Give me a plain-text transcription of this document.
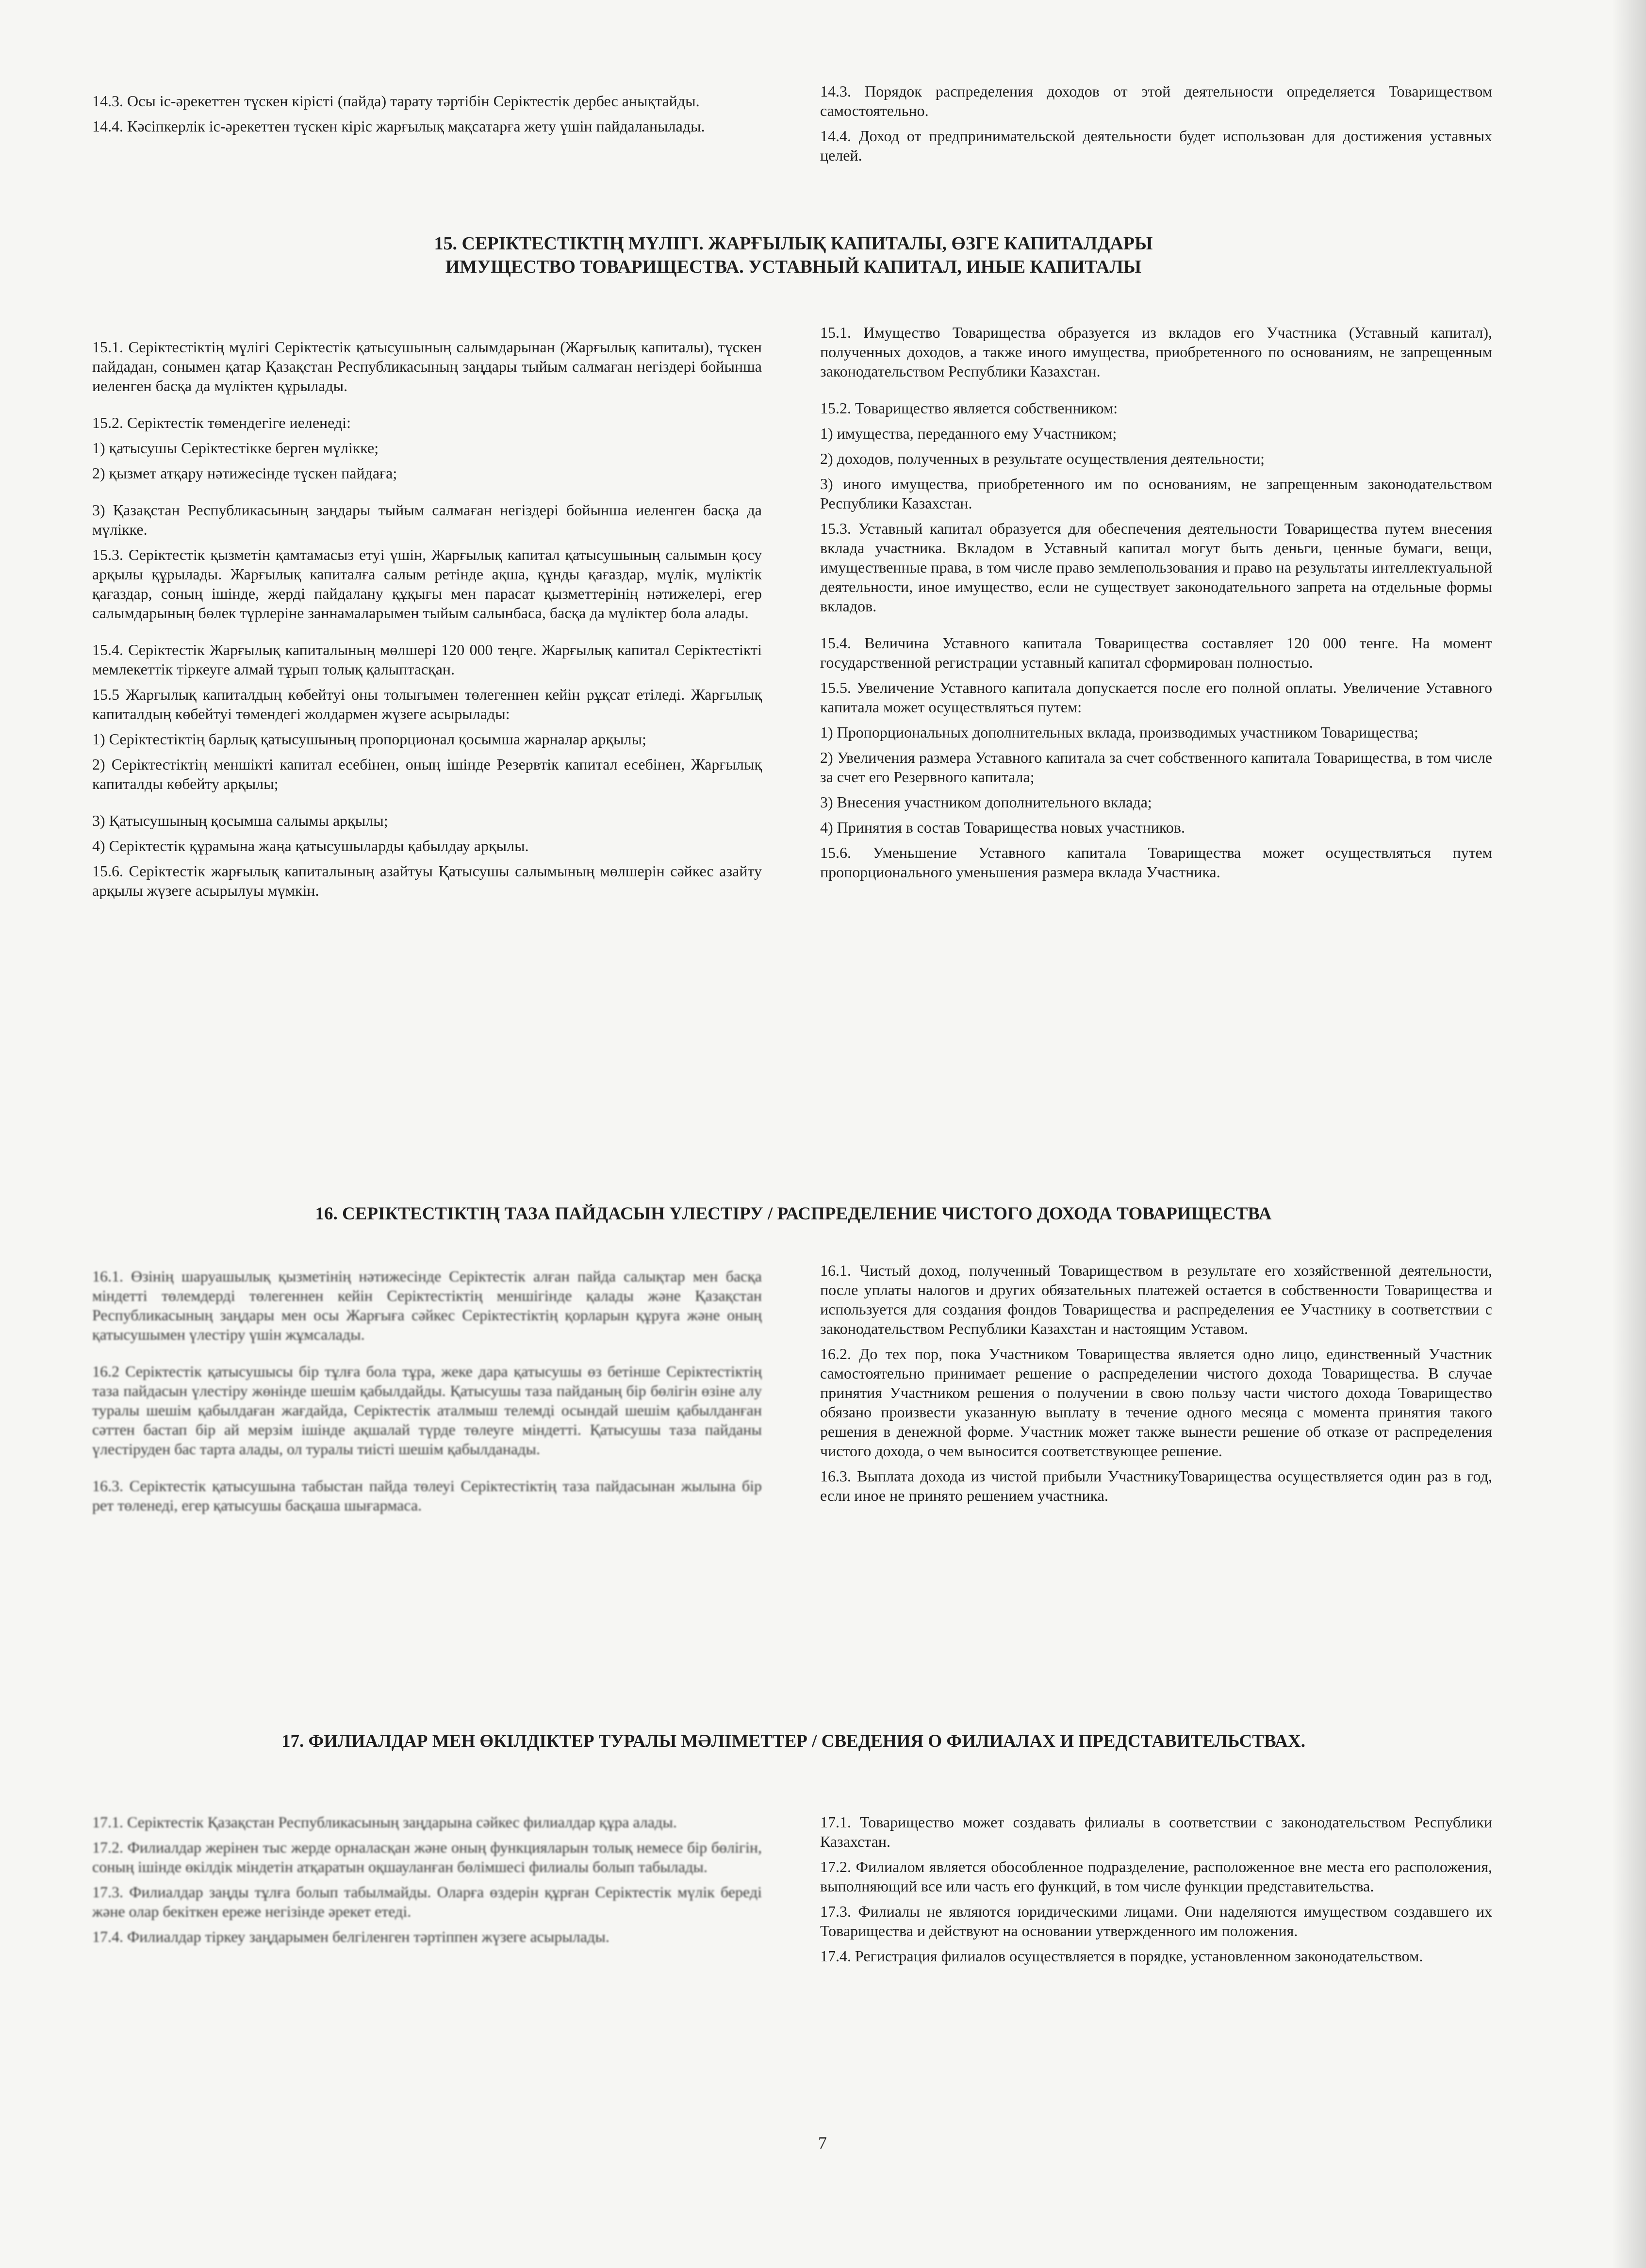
14.3. Осы іс-әрекеттен түскен кірісті (пайда) тарату тәртібін Серіктестік дербес анықтайды.

14.4. Кәсіпкерлік іс-әрекеттен түскен кіріс жарғылық мақсатарға жету үшін пайдаланылады.

14.3. Порядок распределения доходов от этой деятельности определяется Товариществом самостоятельно.

14.4. Доход от предпринимательской деятельности будет использован для достижения уставных целей.

15. СЕРІКТЕСТІКТІҢ МҮЛІГІ. ЖАРҒЫЛЫҚ КАПИТАЛЫ, ӨЗГЕ КАПИТАЛДАРЫ
ИМУЩЕСТВО ТОВАРИЩЕСТВА. УСТАВНЫЙ КАПИТАЛ, ИНЫЕ КАПИТАЛЫ

15.1. Серіктестіктің мүлігі Серіктестік қатысушының салымдарынан (Жарғылық капиталы), түскен пайдадан, сонымен қатар Қазақстан Республикасының заңдары тыйым салмаған негіздері бойынша иеленген басқа да мүліктен құрылады.

15.2. Серіктестік төмендегіге иеленеді:

1) қатысушы Серіктестікке берген мүлікке;

2) қызмет атқару нәтижесінде түскен пайдаға;

3) Қазақстан Республикасының заңдары тыйым салмаған негіздері бойынша иеленген басқа да мүлікке.

15.3. Серіктестік қызметін қамтамасыз етуі үшін, Жарғылық капитал қатысушының салымын қосу арқылы құрылады. Жарғылық капиталға салым ретінде ақша, құнды қағаздар, мүлік, мүліктік қағаздар, соның ішінде, жерді пайдалану құқығы мен парасат қызметтерінің нәтижелері, егер салымдарының бөлек түрлеріне заннамаларымен тыйым салынбаса, басқа да мүліктер бола алады.

15.4. Серіктестік Жарғылық капиталының мөлшері 120 000 теңге. Жарғылық капитал Серіктестікті мемлекеттік тіркеуге алмай тұрып толық қалыптасқан.

15.5 Жарғылық капиталдың көбейтуі оны толығымен төлегеннен кейін рұқсат етіледі. Жарғылық капиталдың көбейтуі төмендегі жолдармен жүзеге асырылады:

1) Серіктестіктің барлық қатысушының пропорционал қосымша жарналар арқылы;

2) Серіктестіктің меншікті капитал есебінен, оның ішінде Резервтік капитал есебінен, Жарғылық капиталды көбейту арқылы;

3) Қатысушының қосымша салымы арқылы;

4) Серіктестік құрамына жаңа қатысушыларды қабылдау арқылы.

15.6. Серіктестік жарғылық капиталының азайтуы Қатысушы салымының мөлшерін сәйкес азайту арқылы жүзеге асырылуы мүмкін.

15.1. Имущество Товарищества образуется из вкладов его Участника (Уставный капитал), полученных доходов, а также иного имущества, приобретенного по основаниям, не запрещенным законодательством Республики Казахстан.

15.2. Товарищество является собственником:

1) имущества, переданного ему Участником;

2) доходов, полученных в результате осуществления деятельности;

3) иного имущества, приобретенного им по основаниям, не запрещенным законодательством Республики Казахстан.

15.3. Уставный капитал образуется для обеспечения деятельности Товарищества путем внесения вклада участника. Вкладом в Уставный капитал могут быть деньги, ценные бумаги, вещи, имущественные права, в том числе право землепользования и право на результаты интеллектуальной деятельности, иное имущество, если не существует законодательного запрета на отдельные формы вкладов.

15.4. Величина Уставного капитала Товарищества составляет 120 000 тенге. На момент государственной регистрации уставный капитал сформирован полностью.

15.5. Увеличение Уставного капитала допускается после его полной оплаты. Увеличение Уставного капитала может осуществляться путем:

1) Пропорциональных дополнительных вклада, производимых участником Товарищества;

2) Увеличения размера Уставного капитала за счет собственного капитала Товарищества, в том числе за счет его Резервного капитала;

3) Внесения участником дополнительного вклада;

4) Принятия в состав Товарищества новых участников.

15.6. Уменьшение Уставного капитала Товарищества может осуществляться путем пропорционального уменьшения размера вклада Участника.

16. СЕРІКТЕСТІКТІҢ ТАЗА ПАЙДАСЫН ҮЛЕСТІРУ / РАСПРЕДЕЛЕНИЕ ЧИСТОГО ДОХОДА ТОВАРИЩЕСТВА

16.1. Өзінің шаруашылық қызметінің нәтижесінде Серіктестік алған пайда салықтар мен басқа міндетті төлемдерді төлегеннен кейін Серіктестіктің меншігінде қалады және Қазақстан Республикасының заңдары мен осы Жарғыға сәйкес Серіктестіктің қорларын құруға және оның қатысушымен үлестіру үшін жұмсалады.

16.2 Серіктестік қатысушысы бір тұлға бола тұра, жеке дара қатысушы өз бетінше Серіктестіктің таза пайдасын үлестіру жөнінде шешім қабылдайды. Қатысушы таза пайданың бір бөлігін өзіне алу туралы шешім қабылдаған жағдайда, Серіктестік аталмыш телемді осындай шешім қабылданған сәттен бастап бір ай мерзім ішінде ақшалай түрде төлеуге міндетті. Қатысушы таза пайданы үлестіруден бас тарта алады, ол туралы тиісті шешім қабылданады.

16.3. Серіктестік қатысушына табыстан пайда төлеуі Серіктестіктің таза пайдасынан жылына бір рет төленеді, егер қатысушы басқаша шығармаса.

16.1. Чистый доход, полученный Товариществом в результате его хозяйственной деятельности, после уплаты налогов и других обязательных платежей остается в собственности Товарищества и используется для создания фондов Товарищества и распределения ее Участнику в соответствии с законодательством Республики Казахстан и настоящим Уставом.

16.2. До тех пор, пока Участником Товарищества является одно лицо, единственный Участник самостоятельно принимает решение о распределении чистого дохода Товарищества. В случае принятия Участником решения о получении в свою пользу части чистого дохода Товарищество обязано произвести указанную выплату в течение одного месяца с момента принятия такого решения в денежной форме. Участник может также вынести решение об отказе от распределения чистого дохода, о чем выносится соответствующее решение.

16.3. Выплата дохода из чистой прибыли УчастникуТоварищества осуществляется один раз в год, если иное не принято решением участника.

17. ФИЛИАЛДАР МЕН ӨКІЛДІКТЕР ТУРАЛЫ МӘЛІМЕТТЕР / СВЕДЕНИЯ О ФИЛИАЛАХ И ПРЕДСТАВИТЕЛЬСТВАХ.

17.1. Серіктестік Қазақстан Республикасының заңдарына сәйкес филиалдар құра алады.

17.2. Филиалдар жерінен тыс жерде орналасқан және оның функцияларын толық немесе бір бөлігін, соның ішінде өкілдік міндетін атқаратын оқшауланған бөлімшесі филиалы болып табылады.

17.3. Филиалдар заңды тұлға болып табылмайды. Оларға өздерін құрған Серіктестік мүлік береді және олар бекіткен ереже негізінде әрекет етеді.

17.4. Филиалдар тіркеу заңдарымен белгіленген тәртіппен жүзеге асырылады.

17.1. Товарищество может создавать филиалы в соответствии с законодательством Республики Казахстан.

17.2. Филиалом является обособленное подразделение, расположенное вне места его расположения, выполняющий все или часть его функций, в том числе функции представительства.

17.3. Филиалы не являются юридическими лицами. Они наделяются имуществом создавшего их Товарищества и действуют на основании утвержденного им положения.

17.4. Регистрация филиалов осуществляется в порядке, установленном законодательством.

7
